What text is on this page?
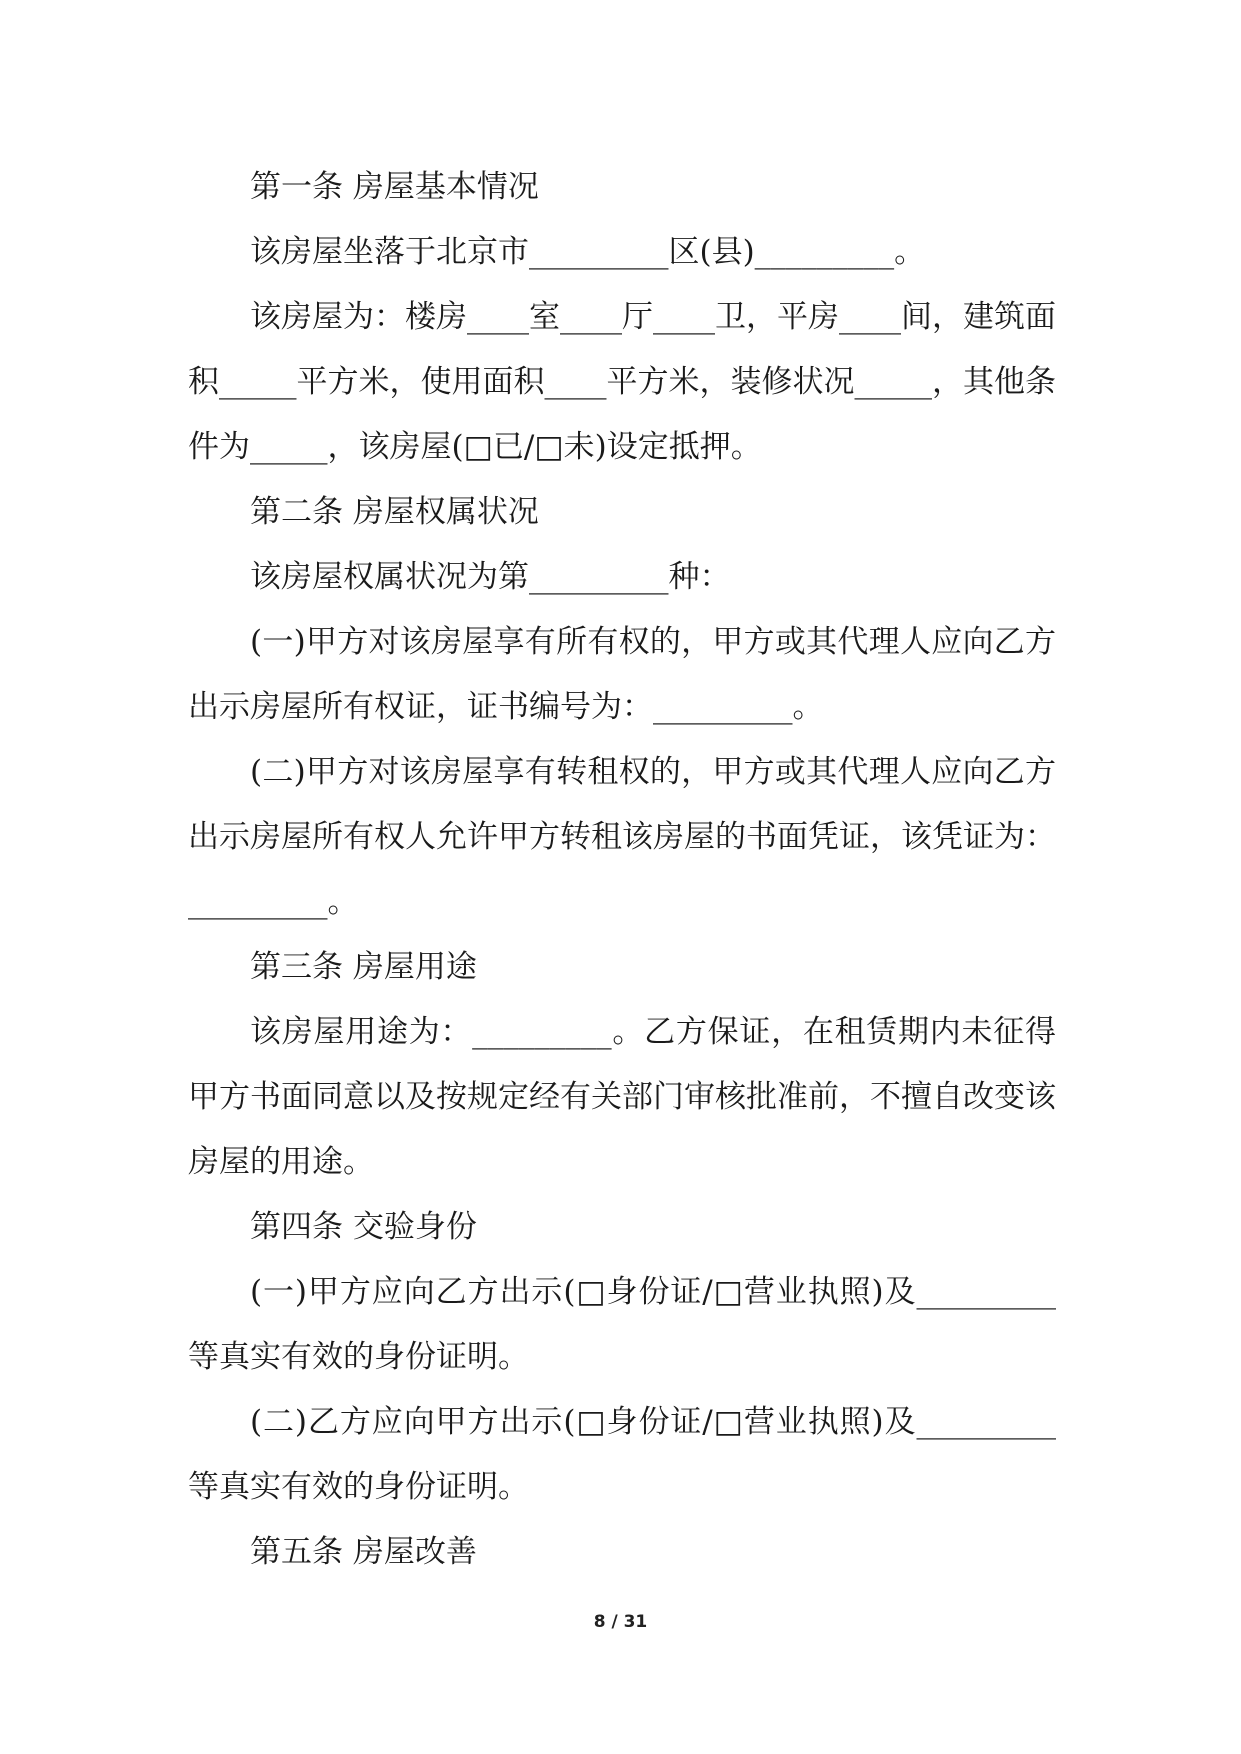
第一条 房屋基本情况

该房屋坐落于北京市_________区(县)_________。

该房屋为：楼房____室____厅____卫，平房____间，建筑面积_____平方米，使用面积____平方米，装修状况_____，其他条件为_____，该房屋(□已/□未)设定抵押。

第二条 房屋权属状况

该房屋权属状况为第_________种：

(一)甲方对该房屋享有所有权的，甲方或其代理人应向乙方出示房屋所有权证，证书编号为：_________。

(二)甲方对该房屋享有转租权的，甲方或其代理人应向乙方出示房屋所有权人允许甲方转租该房屋的书面凭证，该凭证为：_________。

第三条 房屋用途

该房屋用途为：_________。乙方保证，在租赁期内未征得甲方书面同意以及按规定经有关部门审核批准前，不擅自改变该房屋的用途。

第四条 交验身份

(一)甲方应向乙方出示(□身份证/□营业执照)及_________等真实有效的身份证明。

(二)乙方应向甲方出示(□身份证/□营业执照)及_________等真实有效的身份证明。

第五条 房屋改善

8 / 31
